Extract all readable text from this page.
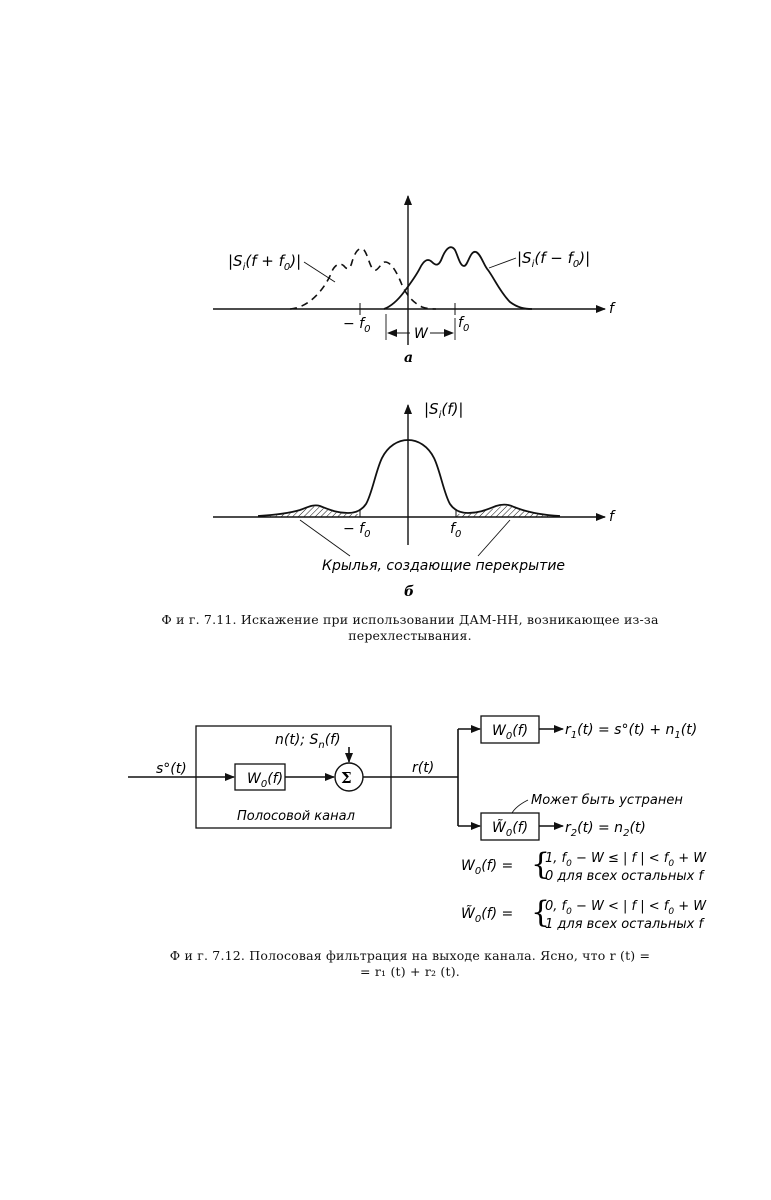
$|S_i(f + f_0)|$	$|S_i(f - f_0)|$
f
− $f_0$	$f_0$
W
а
$|S_i(f)|$
f
− $f_0$	$f_0$
Крылья, создающие перекрытие
б
s°(t)
$W_0(f)$	Σ
n(t); $S_n(f)$
Полосовой канал
r(t)
$W_0(f)$	$r_1(t) = s^\circ(t) + n_1(t)$
$W̃_0(f)$	$r_2(t) = n_2(t)$
Может быть устранен
$W_0(f)$ = {
1, $f_0 - W$ ≤ | f | < $f_0 + W$
0 для всех остальных f
$W̃_0(f)$ = {
0, $f_0 - W$ < | f | < $f_0 + W$
1 для всех остальных f
Ф и г. 7.11. Искажение при использовании ДАМ-НН, возникающее из-за
перехлестывания.
Ф и г. 7.12. Полосовая фильтрация на выходе канала. Ясно, что r (t) =
= r₁ (t) + r₂ (t).
